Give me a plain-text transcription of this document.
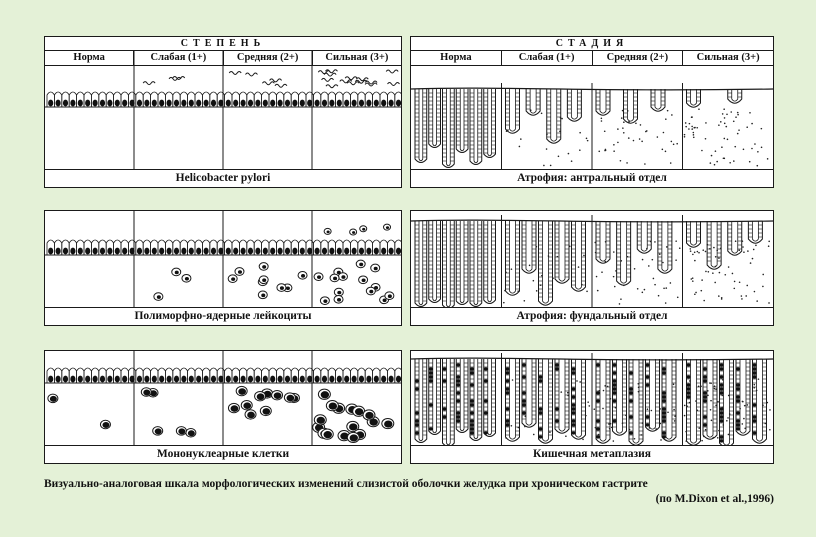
СТЕПЕНЬ
Норма	Слабая (1+)	Средняя (2+)	Сильная (3+)
Helicobacter pylori
Полиморфно-ядерные лейкоциты
Мононуклеарные клетки
СТАДИЯ
Норма	Слабая (1+)	Средняя (2+)	Сильная (3+)
Атрофия: антральный отдел
Атрофия: фундальный отдел
Кишечная метаплазия
Визуально-аналоговая шкала морфологических изменений слизистой оболочки желудка при хроническом гастрите
(по M.Dixon et al.,1996)
